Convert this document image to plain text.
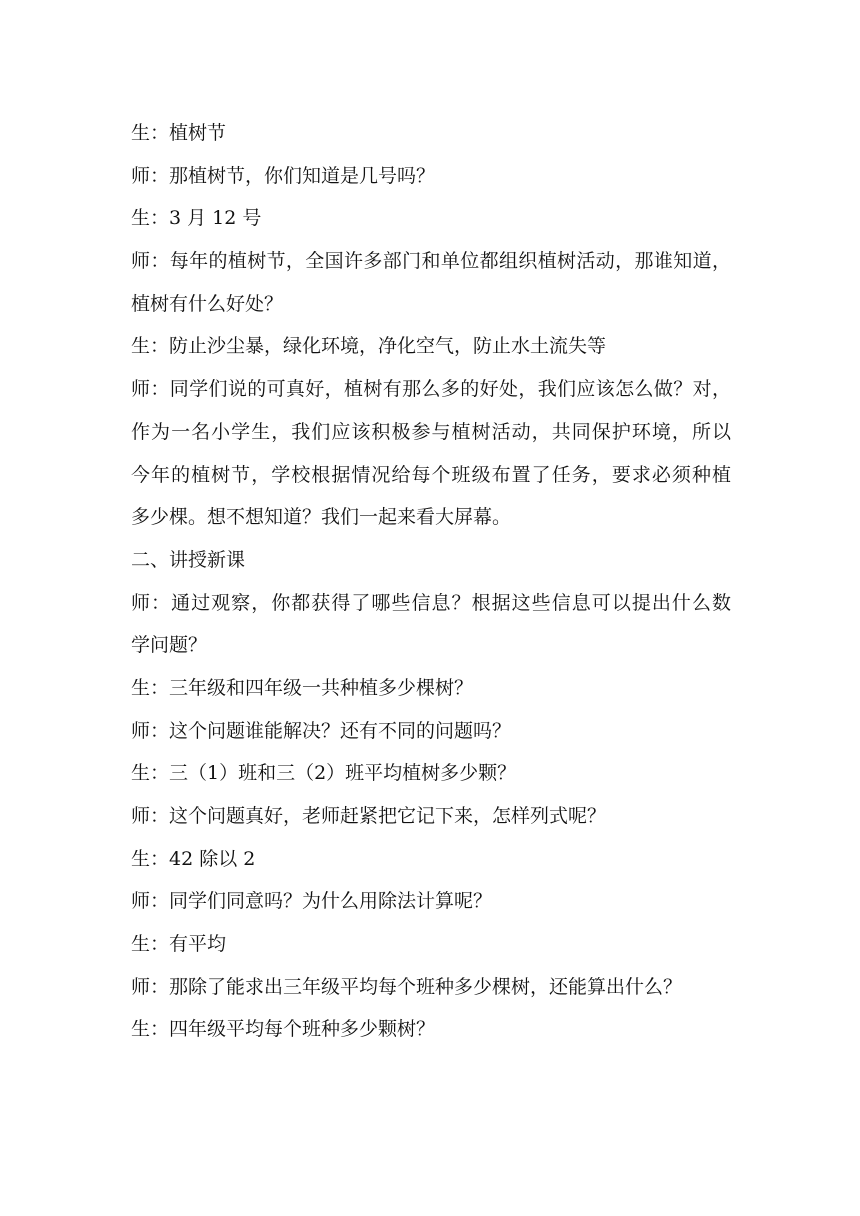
生：植树节

师：那植树节，你们知道是几号吗？

生：3 月 12 号

师：每年的植树节，全国许多部门和单位都组织植树活动，那谁知道，

植树有什么好处？

生：防止沙尘暴，绿化环境，净化空气，防止水土流失等

师：同学们说的可真好，植树有那么多的好处，我们应该怎么做？对，

作为一名小学生，我们应该积极参与植树活动，共同保护环境，所以

今年的植树节，学校根据情况给每个班级布置了任务，要求必须种植

多少棵。想不想知道？我们一起来看大屏幕。

二、讲授新课

师：通过观察，你都获得了哪些信息？根据这些信息可以提出什么数

学问题？

生：三年级和四年级一共种植多少棵树？

师：这个问题谁能解决？还有不同的问题吗？

生：三（1）班和三（2）班平均植树多少颗？

师：这个问题真好，老师赶紧把它记下来，怎样列式呢？

生：42 除以 2

师：同学们同意吗？为什么用除法计算呢？

生：有平均

师：那除了能求出三年级平均每个班种多少棵树，还能算出什么？

生：四年级平均每个班种多少颗树？
